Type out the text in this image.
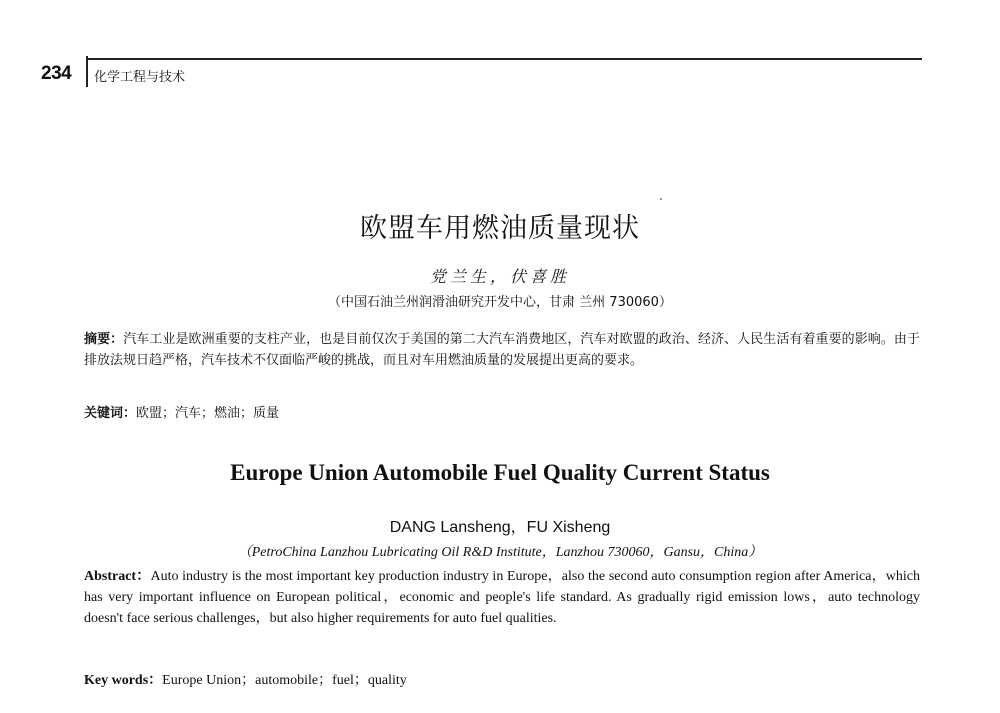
234 化学工程与技术
欧盟车用燃油质量现状
党兰生，伏喜胜
（中国石油兰州润滑油研究开发中心，甘肃 兰州 730060）

摘要：汽车工业是欧洲重要的支柱产业，也是目前仅次于美国的第二大汽车消费地区，汽车对欧盟的政治、经济、人民生活有着重要的影响。由于排放法规日趋严格，汽车技术不仅面临严峻的挑战，而且对车用燃油质量的发展提出更高的要求。

关键词：欧盟；汽车；燃油；质量

Europe Union Automobile Fuel Quality Current Status
DANG Lansheng，FU Xisheng
（PetroChina Lanzhou Lubricating Oil R&D Institute，Lanzhou 730060，Gansu，China）

Abstract：Auto industry is the most important key production industry in Europe，also the second auto consumption region after America，which has very important influence on European political，economic and people's life standard. As gradually rigid emission lows，auto technology doesn't face serious challenges，but also higher requirements for auto fuel qualities.

Key words：Europe Union；automobile；fuel；quality
